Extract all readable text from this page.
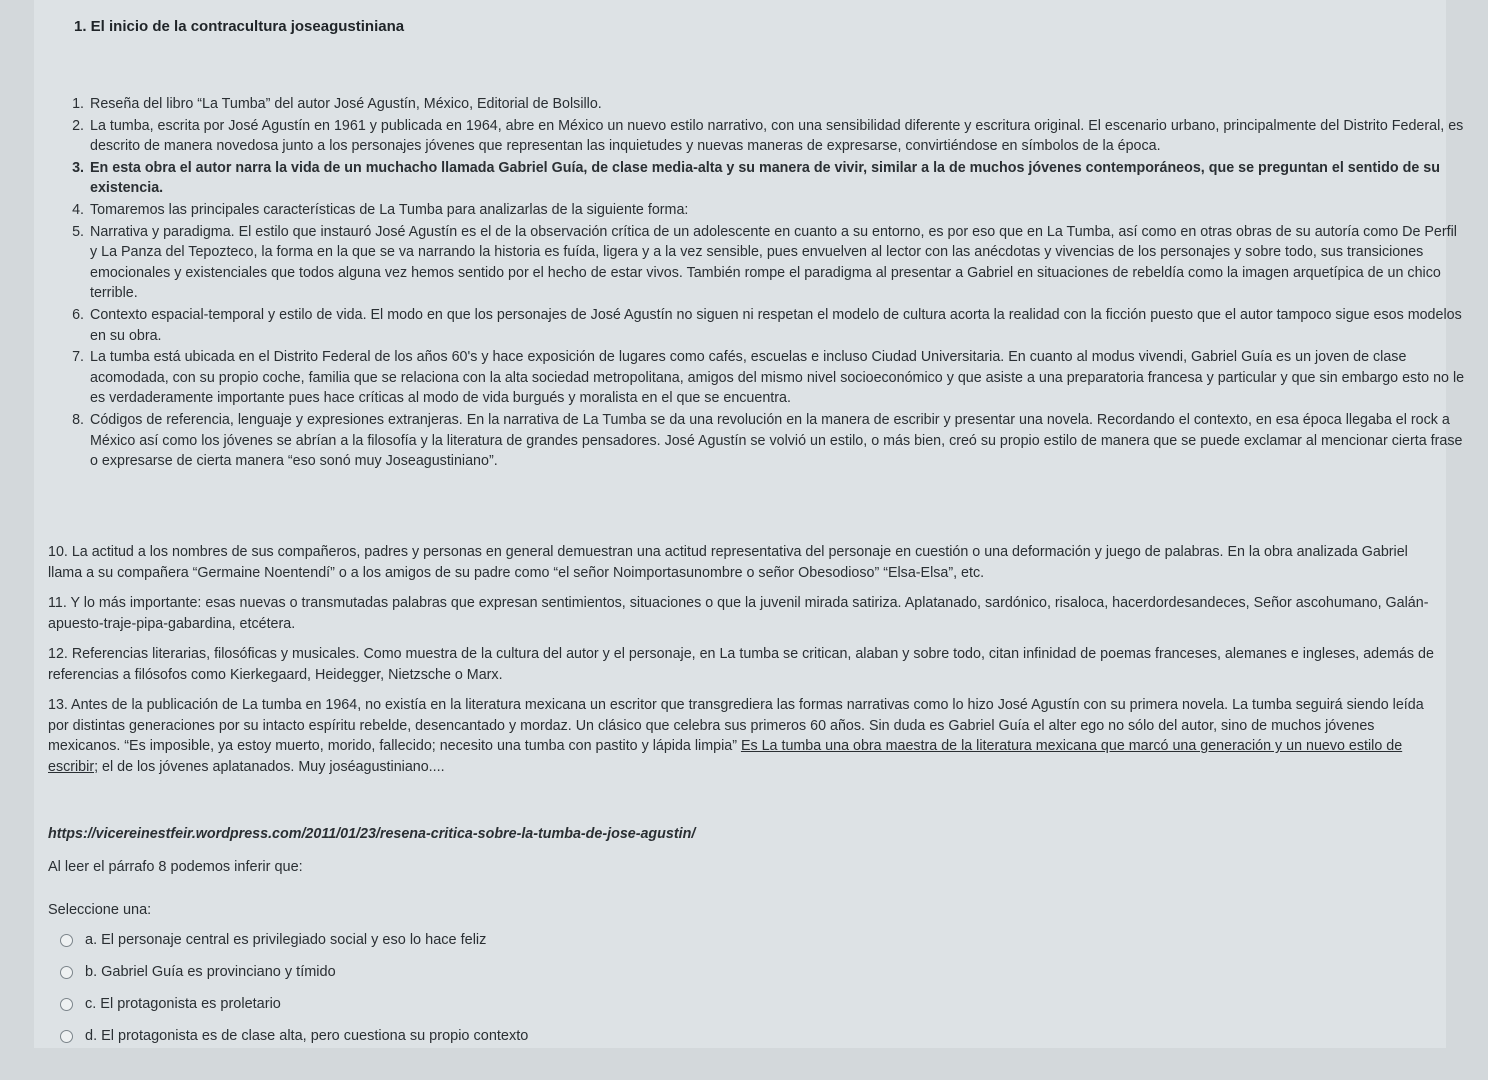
1. El inicio de la contracultura joseagustiniana
1. Reseña del libro “La Tumba” del autor José Agustín, México, Editorial de Bolsillo.
2. La tumba, escrita por José Agustín en 1961 y publicada en 1964, abre en México un nuevo estilo narrativo, con una sensibilidad diferente y escritura original. El escenario urbano, principalmente del Distrito Federal, es descrito de manera novedosa junto a los personajes jóvenes que representan las inquietudes y nuevas maneras de expresarse, convirtiéndose en símbolos de la época.
3. En esta obra el autor narra la vida de un muchacho llamada Gabriel Guía, de clase media-alta y su manera de vivir, similar a la de muchos jóvenes contemporáneos, que se preguntan el sentido de su existencia.
4. Tomaremos las principales características de La Tumba para analizarlas de la siguiente forma:
5. Narrativa y paradigma. El estilo que instauró José Agustín es el de la observación crítica de un adolescente en cuanto a su entorno, es por eso que en La Tumba, así como en otras obras de su autoría como De Perfil y La Panza del Tepozteco, la forma en la que se va narrando la historia es fuída, ligera y a la vez sensible, pues envuelven al lector con las anécdotas y vivencias de los personajes y sobre todo, sus transiciones emocionales y existenciales que todos alguna vez hemos sentido por el hecho de estar vivos. También rompe el paradigma al presentar a Gabriel en situaciones de rebeldía como la imagen arquetípica de un chico terrible.
6. Contexto espacial-temporal y estilo de vida. El modo en que los personajes de José Agustín no siguen ni respetan el modelo de cultura acorta la realidad con la ficción puesto que el autor tampoco sigue esos modelos en su obra.
7. La tumba está ubicada en el Distrito Federal de los años 60's y hace exposición de lugares como cafés, escuelas e incluso Ciudad Universitaria. En cuanto al modus vivendi, Gabriel Guía es un joven de clase acomodada, con su propio coche, familia que se relaciona con la alta sociedad metropolitana, amigos del mismo nivel socioeconómico y que asiste a una preparatoria francesa y particular y que sin embargo esto no le es verdaderamente importante pues hace críticas al modo de vida burgués y moralista en el que se encuentra.
8. Códigos de referencia, lenguaje y expresiones extranjeras. En la narrativa de La Tumba se da una revolución en la manera de escribir y presentar una novela. Recordando el contexto, en esa época llegaba el rock a México así como los jóvenes se abrían a la filosofía y la literatura de grandes pensadores. José Agustín se volvió un estilo, o más bien, creó su propio estilo de manera que se puede exclamar al mencionar cierta frase o expresarse de cierta manera “eso sonó muy Joseagustiniano”.

10. La actitud a los nombres de sus compañeros, padres y personas en general demuestran una actitud representativa del personaje en cuestión o una deformación y juego de palabras. En la obra analizada Gabriel llama a su compañera “Germaine Noentendí” o a los amigos de su padre como “el señor Noimportasunombre o señor Obesodioso” “Elsa-Elsa”, etc.

11. Y lo más importante: esas nuevas o transmutadas palabras que expresan sentimientos, situaciones o que la juvenil mirada satiriza. Aplatanado, sardónico, risaloca, hacerdordesandeces, Señor ascohumano, Galán-apuesto-traje-pipa-gabardina, etcétera.

12. Referencias literarias, filosóficas y musicales. Como muestra de la cultura del autor y el personaje, en La tumba se critican, alaban y sobre todo, citan infinidad de poemas franceses, alemanes e ingleses, además de referencias a filósofos como Kierkegaard, Heidegger, Nietzsche o Marx.

13. Antes de la publicación de La tumba en 1964, no existía en la literatura mexicana un escritor que transgrediera las formas narrativas como lo hizo José Agustín con su primera novela. La tumba seguirá siendo leída por distintas generaciones por su intacto espíritu rebelde, desencantado y mordaz. Un clásico que celebra sus primeros 60 años. Sin duda es Gabriel Guía el alter ego no sólo del autor, sino de muchos jóvenes mexicanos. “Es imposible, ya estoy muerto, morido, fallecido; necesito una tumba con pastito y lápida limpia” Es La tumba una obra maestra de la literatura mexicana que marcó una generación y un nuevo estilo de escribir; el de los jóvenes aplatanados. Muy joséagustiniano....

https://vicereinestfeir.wordpress.com/2011/01/23/resena-critica-sobre-la-tumba-de-jose-agustin/

Al leer el párrafo 8 podemos inferir que:

Seleccione una:

a. El personaje central es privilegiado social y eso lo hace feliz
b. Gabriel Guía es provinciano y tímido
c. El protagonista es proletario
d. El protagonista es de clase alta, pero cuestiona su propio contexto
